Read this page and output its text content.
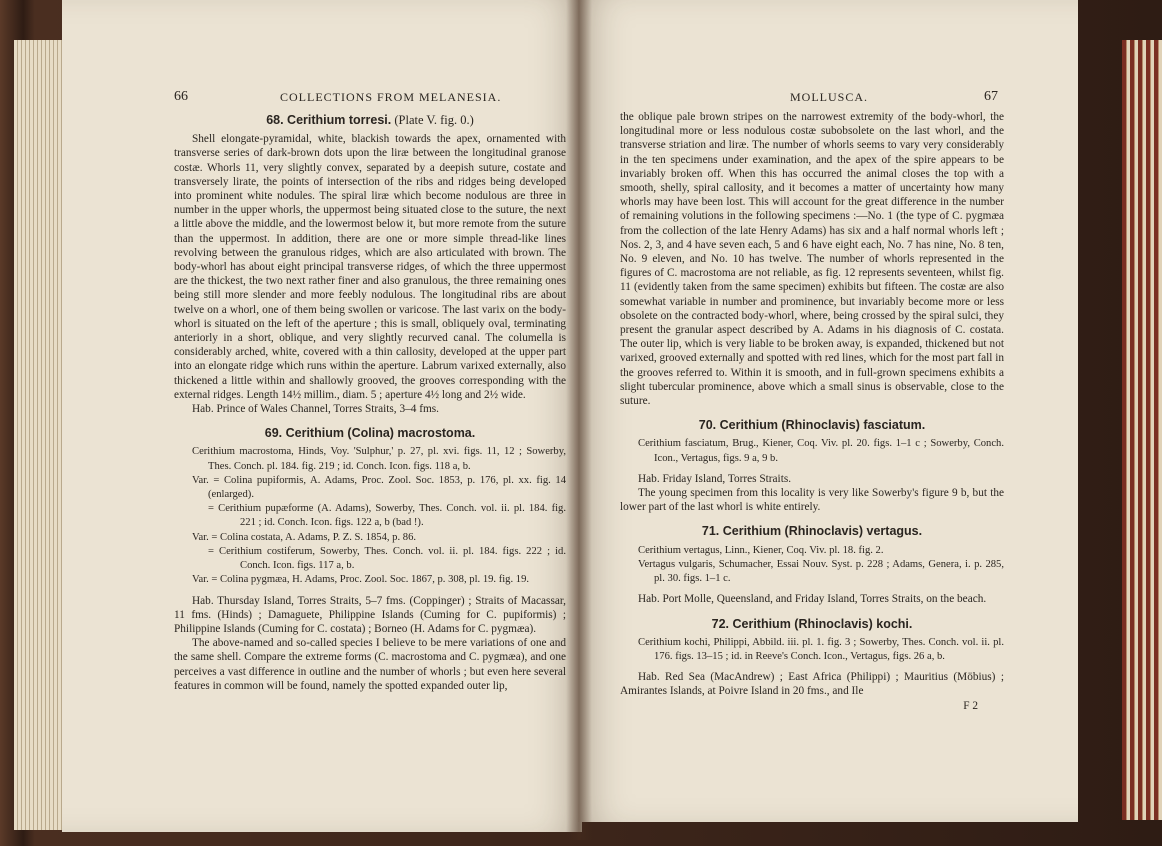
66	COLLECTIONS FROM MELANESIA.
68. Cerithium torresi. (Plate V. fig. 0.)

Shell elongate-pyramidal, white, blackish towards the apex, ornamented with transverse series of dark-brown dots upon the liræ between the longitudinal granose costæ. Whorls 11, very slightly convex, separated by a deepish suture, costate and transversely lirate, the points of intersection of the ribs and ridges being developed into prominent white nodules. The spiral liræ which become nodulous are three in number in the upper whorls, the uppermost being situated close to the suture, the next a little above the middle, and the lowermost below it, but more remote from the suture than the uppermost. In addition, there are one or more simple thread-like lines revolving between the granulous ridges, which are also articulated with brown. The body-whorl has about eight principal transverse ridges, of which the three uppermost are the thickest, the two next rather finer and also granulous, the three remaining ones being still more slender and more feebly nodulous. The longitudinal ribs are about twelve on a whorl, one of them being swollen or varicose. The last varix on the body-whorl is situated on the left of the aperture ; this is small, obliquely oval, terminating anteriorly in a short, oblique, and very slightly recurved canal. The columella is considerably arched, white, covered with a thin callosity, developed at the upper part into an elongate ridge which runs within the aperture. Labrum varixed externally, also thickened a little within and shallowly grooved, the grooves corresponding with the external ridges. Length 14½ millim., diam. 5 ; aperture 4½ long and 2½ wide.

Hab. Prince of Wales Channel, Torres Straits, 3–4 fms.

69. Cerithium (Colina) macrostoma.

Cerithium macrostoma, Hinds, Voy. 'Sulphur,' p. 27, pl. xvi. figs. 11, 12 ; Sowerby, Thes. Conch. pl. 184. fig. 219 ; id. Conch. Icon. figs. 118 a, b.

Var. = Colina pupiformis, A. Adams, Proc. Zool. Soc. 1853, p. 176, pl. xx. fig. 14 (enlarged).

= Cerithium pupæforme (A. Adams), Sowerby, Thes. Conch. vol. ii. pl. 184. fig. 221 ; id. Conch. Icon. figs. 122 a, b (bad !).

Var. = Colina costata, A. Adams, P. Z. S. 1854, p. 86.

= Cerithium costiferum, Sowerby, Thes. Conch. vol. ii. pl. 184. figs. 222 ; id. Conch. Icon. figs. 117 a, b.

Var. = Colina pygmæa, H. Adams, Proc. Zool. Soc. 1867, p. 308, pl. 19. fig. 19.

Hab. Thursday Island, Torres Straits, 5–7 fms. (Coppinger) ; Straits of Macassar, 11 fms. (Hinds) ; Damaguete, Philippine Islands (Cuming for C. pupiformis) ; Philippine Islands (Cuming for C. costata) ; Borneo (H. Adams for C. pygmæa).

The above-named and so-called species I believe to be mere variations of one and the same shell. Compare the extreme forms (C. macrostoma and C. pygmæa), and one perceives a vast difference in outline and the number of whorls ; but even here several features in common will be found, namely the spotted expanded outer lip,

MOLLUSCA.	67

the oblique pale brown stripes on the narrowest extremity of the body-whorl, the longitudinal more or less nodulous costæ subobsolete on the last whorl, and the transverse striation and liræ. The number of whorls seems to vary very considerably in the ten specimens under examination, and the apex of the spire appears to be invariably broken off. When this has occurred the animal closes the top with a smooth, shelly, spiral callosity, and it becomes a matter of uncertainty how many whorls may have been lost. This will account for the great difference in the number of remaining volutions in the following specimens :—No. 1 (the type of C. pygmæa from the collection of the late Henry Adams) has six and a half normal whorls left ; Nos. 2, 3, and 4 have seven each, 5 and 6 have eight each, No. 7 has nine, No. 8 ten, No. 9 eleven, and No. 10 has twelve. The number of whorls represented in the figures of C. macrostoma are not reliable, as fig. 12 represents seventeen, whilst fig. 11 (evidently taken from the same specimen) exhibits but fifteen. The costæ are also somewhat variable in number and prominence, but invariably become more or less obsolete on the contracted body-whorl, where, being crossed by the spiral sulci, they present the granular aspect described by A. Adams in his diagnosis of C. costata. The outer lip, which is very liable to be broken away, is expanded, thickened but not varixed, grooved externally and spotted with red lines, which for the most part fall in the grooves referred to. Within it is smooth, and in full-grown specimens exhibits a slight tubercular prominence, above which a small sinus is observable, close to the suture.

70. Cerithium (Rhinoclavis) fasciatum.

Cerithium fasciatum, Brug., Kiener, Coq. Viv. pl. 20. figs. 1–1 c ; Sowerby, Conch. Icon., Vertagus, figs. 9 a, 9 b.

Hab. Friday Island, Torres Straits.

The young specimen from this locality is very like Sowerby's figure 9 b, but the lower part of the last whorl is white entirely.

71. Cerithium (Rhinoclavis) vertagus.

Cerithium vertagus, Linn., Kiener, Coq. Viv. pl. 18. fig. 2.

Vertagus vulgaris, Schumacher, Essai Nouv. Syst. p. 228 ; Adams, Genera, i. p. 285, pl. 30. figs. 1–1 c.

Hab. Port Molle, Queensland, and Friday Island, Torres Straits, on the beach.

72. Cerithium (Rhinoclavis) kochi.

Cerithium kochi, Philippi, Abbild. iii. pl. 1. fig. 3 ; Sowerby, Thes. Conch. vol. ii. pl. 176. figs. 13–15 ; id. in Reeve's Conch. Icon., Vertagus, figs. 26 a, b.

Hab. Red Sea (MacAndrew) ; East Africa (Philippi) ; Mauritius (Möbius) ; Amirantes Islands, at Poivre Island in 20 fms., and Ile

F 2
